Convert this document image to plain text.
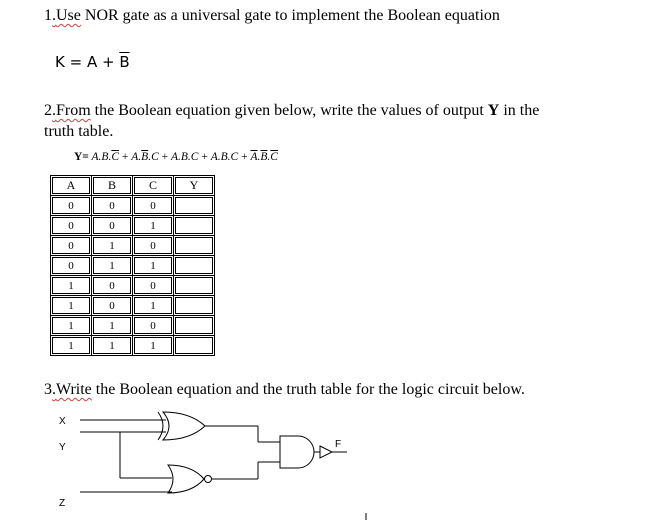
1.Use NOR gate as a universal gate to implement the Boolean equation
$K = A + \overline{B}$
2.From the Boolean equation given below, write the values of output Y in the
truth table.
$Y= A.B.\overline{C} + A.\overline{B}.C + A.B.C + A.B.C + \overline{A}.\overline{B}.\overline{C}$
A	B	C	Y
0	0	0	
0	0	1	
0	1	0	
0	1	1	
1	0	0	
1	0	1	
1	1	0	
1	1	1	
3.Write the Boolean equation and the truth table for the logic circuit below.
X
Y
Z
F
